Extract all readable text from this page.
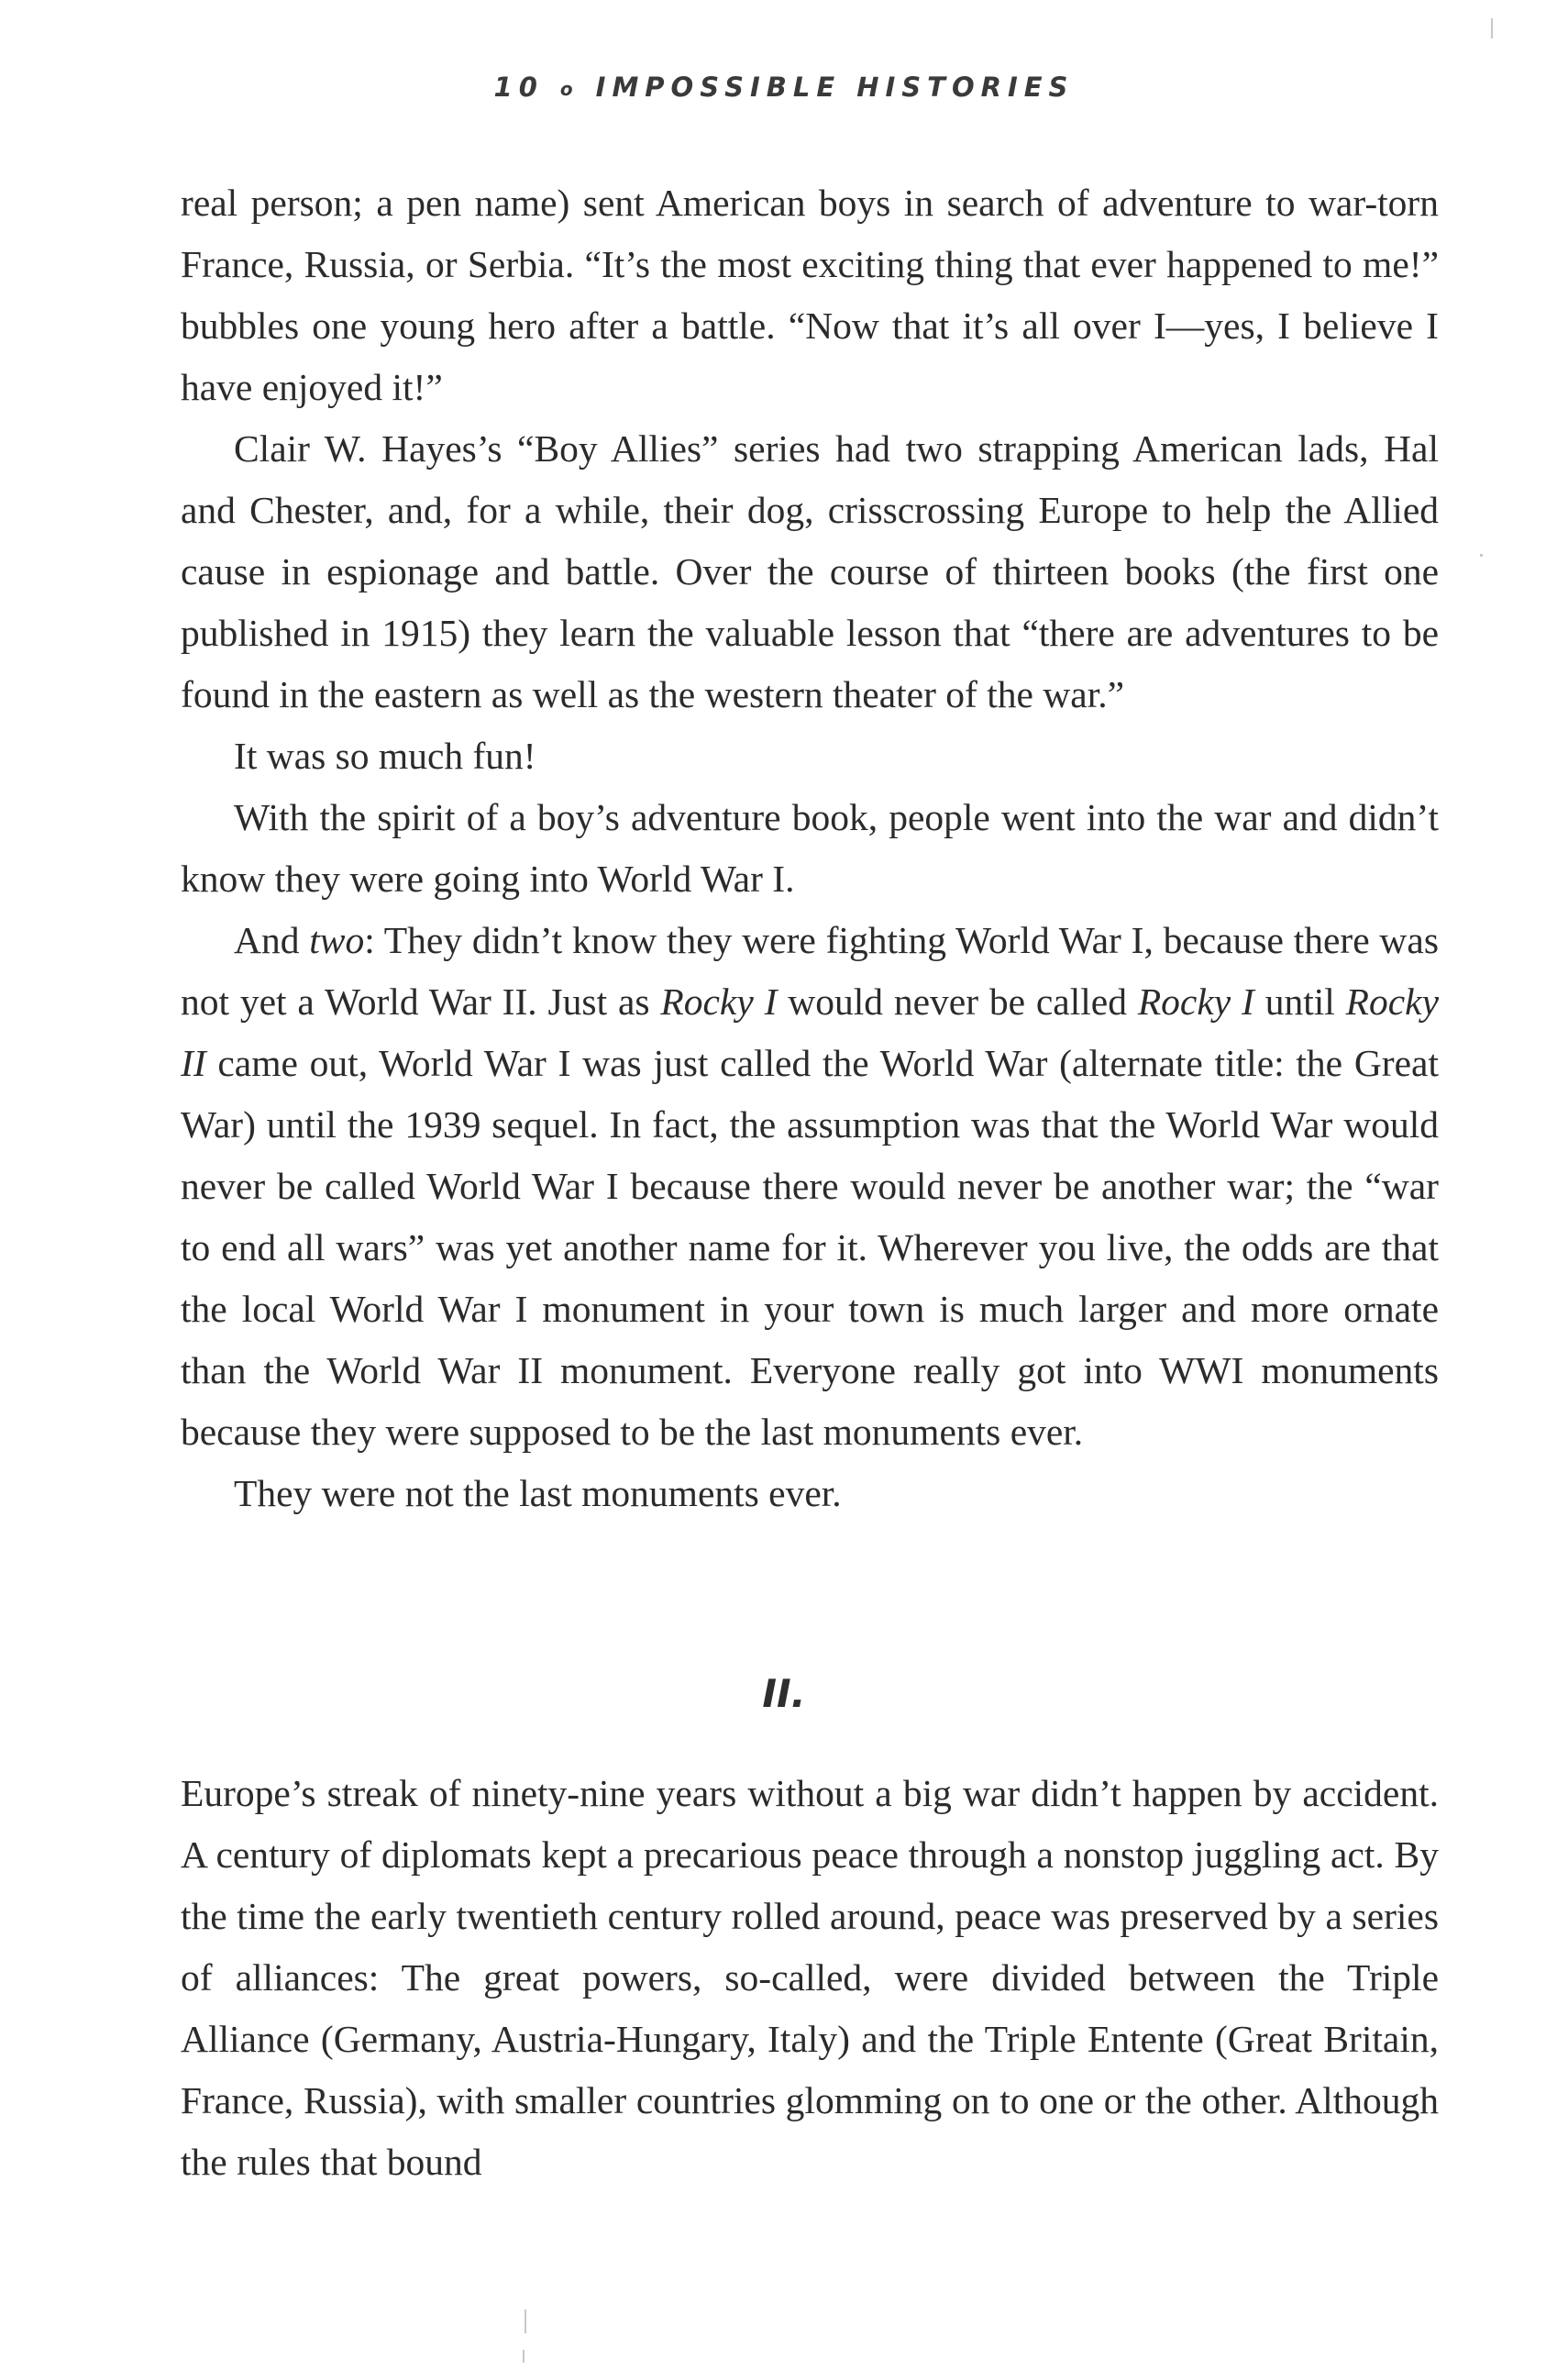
10 o IMPOSSIBLE HISTORIES

real person; a pen name) sent American boys in search of adventure to war-torn France, Russia, or Serbia. “It’s the most exciting thing that ever happened to me!” bubbles one young hero after a battle. “Now that it’s all over I—yes, I believe I have enjoyed it!”

Clair W. Hayes’s “Boy Allies” series had two strapping American lads, Hal and Chester, and, for a while, their dog, crisscrossing Europe to help the Allied cause in espionage and battle. Over the course of thirteen books (the first one published in 1915) they learn the valuable lesson that “there are adventures to be found in the eastern as well as the western theater of the war.”

It was so much fun!

With the spirit of a boy’s adventure book, people went into the war and didn’t know they were going into World War I.

And two: They didn’t know they were fighting World War I, because there was not yet a World War II. Just as Rocky I would never be called Rocky I until Rocky II came out, World War I was just called the World War (alternate title: the Great War) until the 1939 sequel. In fact, the assumption was that the World War would never be called World War I because there would never be another war; the “war to end all wars” was yet another name for it. Wherever you live, the odds are that the local World War I monument in your town is much larger and more ornate than the World War II monument. Everyone really got into WWI monuments because they were supposed to be the last monuments ever.

They were not the last monuments ever.

II.

Europe’s streak of ninety-nine years without a big war didn’t happen by accident. A century of diplomats kept a precarious peace through a nonstop juggling act. By the time the early twentieth century rolled around, peace was preserved by a series of alliances: The great powers, so-called, were divided between the Triple Alliance (Germany, Austria-Hungary, Italy) and the Triple Entente (Great Britain, France, Russia), with smaller countries glomming on to one or the other. Although the rules that bound
